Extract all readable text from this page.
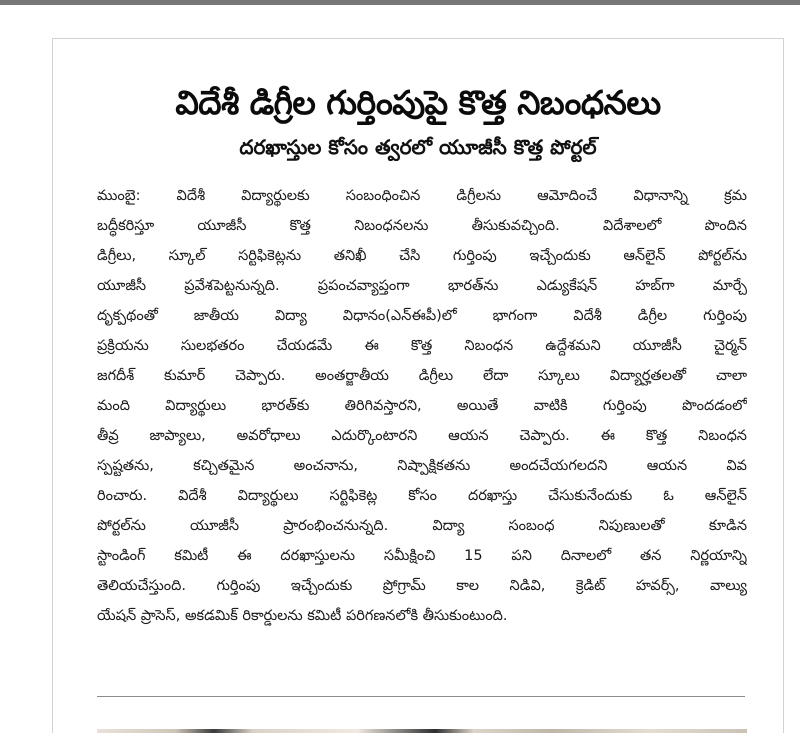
విదేశీ డిగ్రీల గుర్తింపుపై కొత్త నిబంధనలు
దరఖాస్తుల కోసం త్వరలో యూజీసీ కొత్త పోర్టల్
ముంబై: విదేశీ విద్యార్థులకు సంబంధించిన డిగ్రీలను ఆమోదించే విధానాన్ని క్రమ
బద్ధీకరిస్తూ యూజీసీ కొత్త నిబంధనలను తీసుకువచ్చింది. విదేశాలలో పొందిన
డిగ్రీలు, స్కూల్ సర్టిఫికెట్లను తనిఖీ చేసి గుర్తింపు ఇచ్చేందుకు ఆన్‌లైన్ పోర్టల్‌ను
యూజీసీ ప్రవేశపెట్టనున్నది. ప్రపంచవ్యాప్తంగా భారత్‌ను ఎడ్యుకేషన్ హబ్‌గా మార్చే
దృక్పథంతో జాతీయ విద్యా విధానం(ఎన్‌ఈపీ)లో భాగంగా విదేశీ డిగ్రీల గుర్తింపు
ప్రక్రియను సులభతరం చేయడమే ఈ కొత్త నిబంధన ఉద్దేశమని యూజీసీ చైర్మన్
జగదీశ్ కుమార్ చెప్పారు. అంతర్జాతీయ డిగ్రీలు లేదా స్కూలు విద్యార్హతలతో చాలా
మంది విద్యార్థులు భారత్‌కు తిరిగివస్తారని, అయితే వాటికి గుర్తింపు పొందడంలో
తీవ్ర జాప్యాలు, అవరోధాలు ఎదుర్కొంటారని ఆయన చెప్పారు. ఈ కొత్త నిబంధన
స్పష్టతను, కచ్చితమైన అంచనాను, నిష్పాక్షికతను అందచేయగలదని ఆయన వివ
రించారు. విదేశీ విద్యార్థులు సర్టిఫికెట్ల కోసం దరఖాస్తు చేసుకునేందుకు ఓ ఆన్‌లైన్
పోర్టల్‌ను యూజీసీ ప్రారంభించనున్నది. విద్యా సంబంధ నిపుణులతో కూడిన
స్టాండింగ్ కమిటీ ఈ దరఖాస్తులను సమీక్షించి 15 పని దినాలలో తన నిర్ణయాన్ని
తెలియచేస్తుంది. గుర్తింపు ఇచ్చేందుకు ప్రోగ్రామ్ కాల నిడివి, క్రెడిట్ హవర్స్, వాల్యు
యేషన్ ప్రాసెస్, అకడమిక్ రికార్డులను కమిటీ పరిగణనలోకి తీసుకుంటుంది.
